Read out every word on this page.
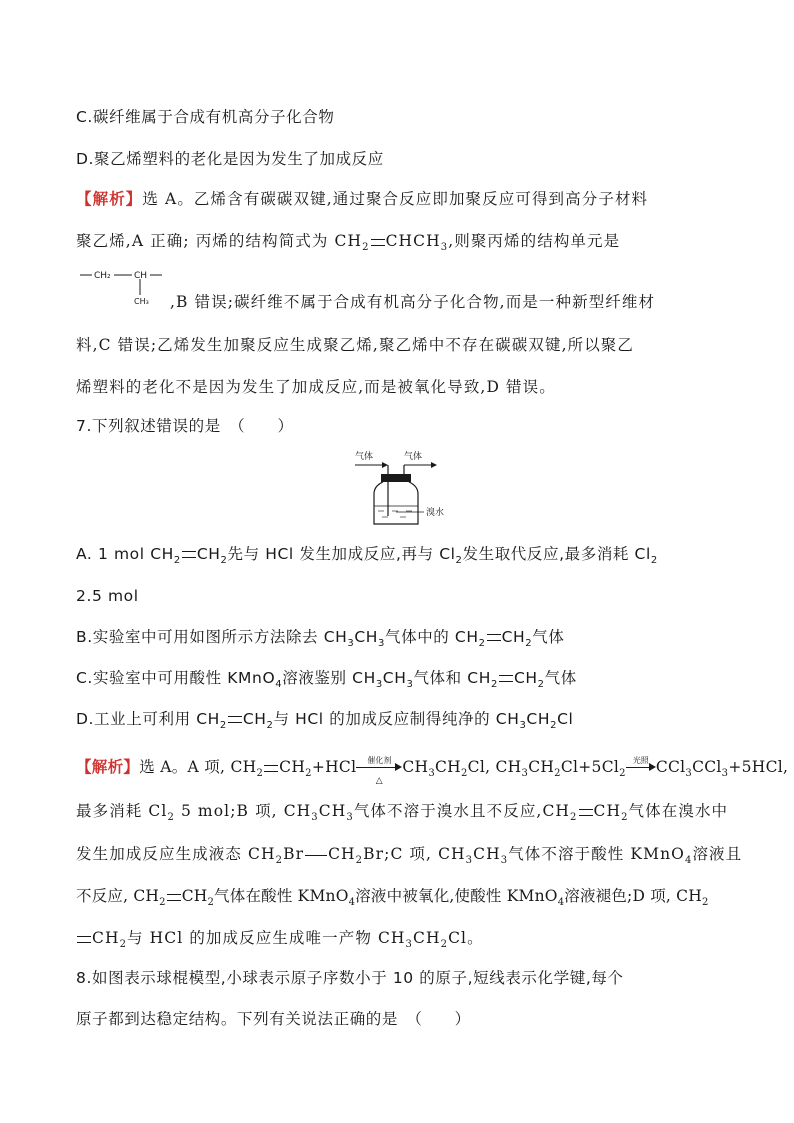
C.碳纤维属于合成有机高分子化合物
D.聚乙烯塑料的老化是因为发生了加成反应
【解析】选 A。乙烯含有碳碳双键,通过聚合反应即加聚反应可得到高分子材料
聚乙烯,A 正确; 丙烯的结构简式为 $CH_2$ $CHCH_3$,则聚丙烯的结构单元是
CH₂	CH
CH₃ ,B 错误;碳纤维不属于合成有机高分子化合物,而是一种新型纤维材
料,C 错误;乙烯发生加聚反应生成聚乙烯,聚乙烯中不存在碳碳双键,所以聚乙
烯塑料的老化不是因为发生了加成反应,而是被氧化导致,D 错误。
7.下列叙述错误的是　（　　）
气体	气体
溴水
A. 1 mol $CH_2$ $CH_2$先与 HCl 发生加成反应,再与 $Cl_2$发生取代反应,最多消耗 $Cl_2$
2.5 mol
B.实验室中可用如图所示方法除去 $CH_3CH_3$气体中的 $CH_2$ $CH_2$气体
C.实验室中可用酸性 KMnO$_4$溶液鉴别 $CH_3CH_3$气体和 $CH_2$ $CH_2$气体
D.工业上可利用 $CH_2$ $CH_2$与 HCl 的加成反应制得纯净的 $CH_3CH_2Cl$
【解析】选 A。A 项, $CH_2$ $CH_2+HCl$	催化剂
△
$CH_3CH_2Cl$, $CH_3CH_2Cl+5Cl_2$
光照 CCl$_3$CCl$_3$+5HCl,
最多消耗 $Cl_2$ 5 mol;B 项, $CH_3CH_3$气体不溶于溴水且不反应$,CH_2$ $CH_2$气体在溴水中
发生加成反应生成液态 $CH_2Br$ $CH_2Br;C$ 项, $CH_3CH_3$气体不溶于酸性 KMnO$_4$溶液且
不反应, $CH_2$ $CH_2$气体在酸性 KMnO$_4$溶液中被氧化,使酸性 KMnO$_4$溶液褪色;D 项, $CH_2$
$CH_2$与 HCl 的加成反应生成唯一产物 $CH_3CH_2Cl$。
8.如图表示球棍模型,小球表示原子序数小于 10 的原子,短线表示化学键,每个
原子都到达稳定结构。下列有关说法正确的是　（　　）
